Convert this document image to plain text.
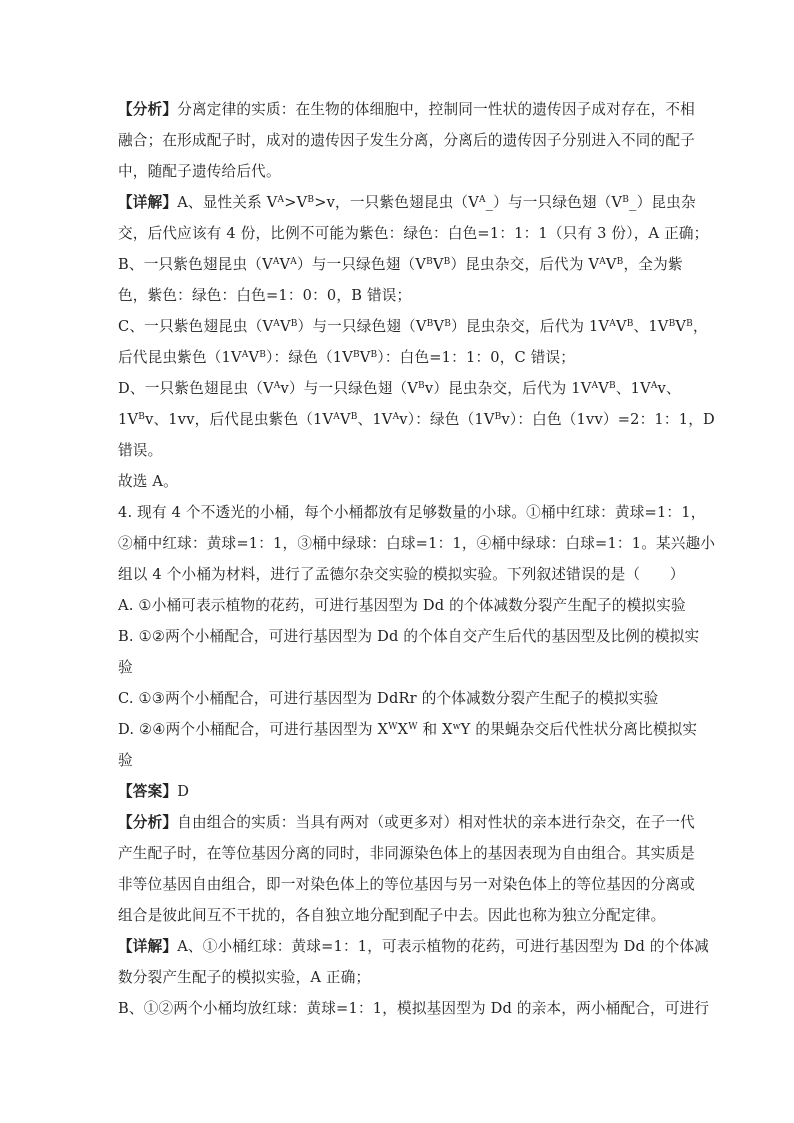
【分析】分离定律的实质：在生物的体细胞中，控制同一性状的遗传因子成对存在，不相
融合；在形成配子时，成对的遗传因子发生分离，分离后的遗传因子分别进入不同的配子
中，随配子遗传给后代。
【详解】A、显性关系 $V^A>V^B>v$，一只紫色翅昆虫$(V^A\_)$与一只绿色翅$(V^B\_)$昆虫杂
交，后代应该有 4 份，比例不可能为紫色：绿色：白色=1：1：1（只有 3 份），A 正确；
B、一只紫色翅昆虫$(V^AV^A)$与一只绿色翅$(V^BV^B)$昆虫杂交，后代为 $V^AV^B$，全为紫
色，紫色：绿色：白色=1：0：0，B 错误；
C、一只紫色翅昆虫$(V^AV^B)$与一只绿色翅$(V^BV^B)$昆虫杂交，后代为 $1V^AV^B$、$1V^BV^B$，
后代昆虫紫色$(1V^AV^B)$：绿色$(1V^BV^B)$：白色=1：1：0，C 错误；
D、一只紫色翅昆虫$(V^Av)$与一只绿色翅$(V^Bv)$昆虫杂交，后代为 $1V^AV^B$、$1V^Av$、
$1V^Bv$、1vv，后代昆虫紫色（$1V^AV^B$、$1V^Av$）：绿色$(1V^Bv)$：白色（1vv）=2：1：1，D
错误。
故选 A。
4. 现有 4 个不透光的小桶，每个小桶都放有足够数量的小球。①桶中红球：黄球=1：1，
②桶中红球：黄球=1：1，③桶中绿球：白球=1：1，④桶中绿球：白球=1：1。某兴趣小
组以 4 个小桶为材料，进行了孟德尔杂交实验的模拟实验。下列叙述错误的是（　　）
A. ①小桶可表示植物的花药，可进行基因型为 Dd 的个体减数分裂产生配子的模拟实验
B. ①②两个小桶配合，可进行基因型为 Dd 的个体自交产生后代的基因型及比例的模拟实
验
C. ①③两个小桶配合，可进行基因型为 DdRr 的个体减数分裂产生配子的模拟实验
D. ②④两个小桶配合，可进行基因型为 $X^WX^W$ 和 $X^wY$ 的果蝇杂交后代性状分离比模拟实
验
【答案】D
【分析】自由组合的实质：当具有两对（或更多对）相对性状的亲本进行杂交，在子一代
产生配子时，在等位基因分离的同时，非同源染色体上的基因表现为自由组合。其实质是
非等位基因自由组合，即一对染色体上的等位基因与另一对染色体上的等位基因的分离或
组合是彼此间互不干扰的，各自独立地分配到配子中去。因此也称为独立分配定律。
【详解】A、①小桶红球：黄球=1：1，可表示植物的花药，可进行基因型为 Dd 的个体减
数分裂产生配子的模拟实验，A 正确；
B、①②两个小桶均放红球：黄球=1：1，模拟基因型为 Dd 的亲本，两小桶配合，可进行
